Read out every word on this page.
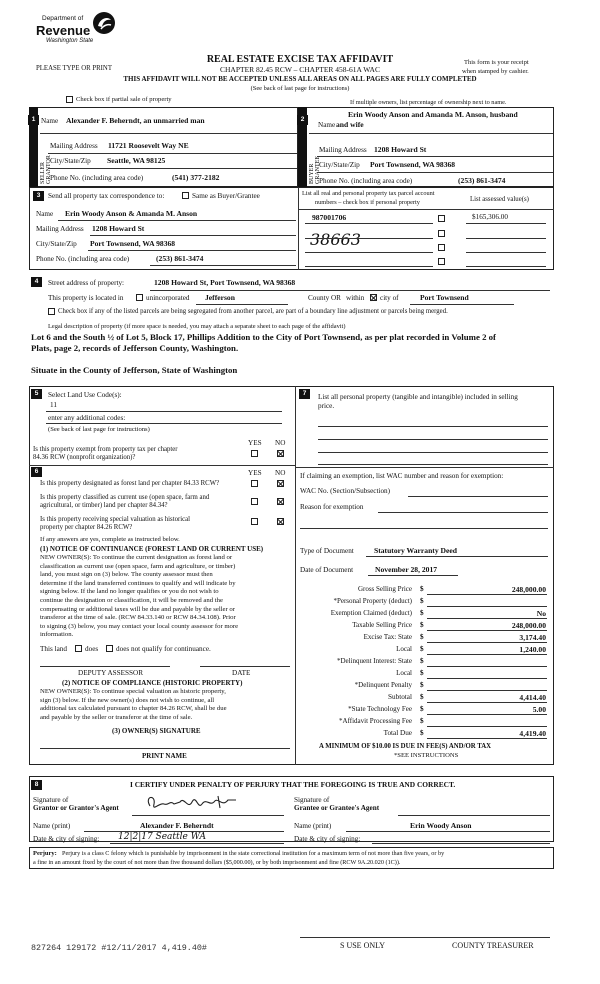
Department of
Revenue
Washington State
PLEASE TYPE OR PRINT
REAL ESTATE EXCISE TAX AFFIDAVIT
CHAPTER 82.45 RCW – CHAPTER 458-61A WAC
THIS AFFIDAVIT WILL NOT BE ACCEPTED UNLESS ALL AREAS ON ALL PAGES ARE FULLY COMPLETED
(See back of last page for instructions)
This form is your receipt
when stamped by cashier.
Check box if partial sale of property	If multiple owners, list percentage of ownership next to name.
1	2
SELLER GRANTOR	BUYER GRANTEE
Name Alexander F. Beherndt, an unmarried man
Mailing Address 11721 Roosevelt Way NE
City/State/Zip Seattle, WA 98125
Phone No. (including area code)	(541) 377-2182
Erin Woody Anson and Amanda M. Anson, husband
Name and wife
Mailing Address 1208 Howard St
City/State/Zip Port Townsend, WA 98368
Phone No. (including area code)	(253) 861-3474
3	Send all property tax correspondence to:	Same as Buyer/Grantee
Name Erin Woody Anson & Amanda M. Anson
Mailing Address 1208 Howard St
City/State/Zip Port Townsend, WA 98368
Phone No. (including area code)	(253) 861-3474
List all real and personal property tax parcel account
numbers – check box if personal property	List assessed value(s)
987001706	$165,306.00
38663
4	Street address of property:	1208 Howard St, Port Townsend, WA 98368
This property is located in	unincorporated Jefferson	County OR within city of	Port Townsend
Check box if any of the listed parcels are being segregated from another parcel, are part of a boundary line adjustment or parcels being merged.
Legal description of property (if more space is needed, you may attach a separate sheet to each page of the affidavit)
Lot 6 and the South ½ of Lot 5, Block 17, Phillips Addition to the City of Port Townsend, as per plat recorded in Volume 2 of
Plats, page 2, records of Jefferson County, Washington.
Situate in the County of Jefferson, State of Washington
5	Select Land Use Code(s):
11
enter any additional codes:
(See back of last page for instructions)
YES NO
Is this property exempt from property tax per chapter
84.36 RCW (nonprofit organization)?
6	YES NO
Is this property designated as forest land per chapter 84.33 RCW?
Is this property classified as current use (open space, farm and
agricultural, or timber) land per chapter 84.34?
Is this property receiving special valuation as historical
property per chapter 84.26 RCW?
If any answers are yes, complete as instructed below.
(1) NOTICE OF CONTINUANCE (FOREST LAND OR CURRENT USE)
NEW OWNER(S): To continue the current designation as forest land or
classification as current use (open space, farm and agriculture, or timber)
land, you must sign on (3) below. The county assessor must then
determine if the land transferred continues to qualify and will indicate by
signing below. If the land no longer qualifies or you do not wish to
continue the designation or classification, it will be removed and the
compensating or additional taxes will be due and payable by the seller or
transferor at the time of sale. (RCW 84.33.140 or RCW 84.34.108). Prior
to signing (3) below, you may contact your local county assessor for more
information.
This land	does does not qualify for continuance.
DEPUTY ASSESSOR	DATE
(2) NOTICE OF COMPLIANCE (HISTORIC PROPERTY)
NEW OWNER(S): To continue special valuation as historic property,
sign (3) below. If the new owner(s) does not wish to continue, all
additional tax calculated pursuant to chapter 84.26 RCW, shall be due
and payable by the seller or transferor at the time of sale.
(3) OWNER(S) SIGNATURE
PRINT NAME
7	List all personal property (tangible and intangible) included in selling
price.
If claiming an exemption, list WAC number and reason for exemption:
WAC No. (Section/Subsection)
Reason for exemption
Type of Document	Statutory Warranty Deed
Date of Document	November 28, 2017
Gross Selling Price $	248,000.00
*Personal Property (deduct) $
Exemption Claimed (deduct) $	No
Taxable Selling Price $	248,000.00
Excise Tax: State $	3,174.40
Local $	1,240.00
*Delinquent Interest: State $
Local $
*Delinquent Penalty $
Subtotal $	4,414.40
*State Technology Fee $	5.00
*Affidavit Processing Fee $
Total Due $	4,419.40
A MINIMUM OF $10.00 IS DUE IN FEE(S) AND/OR TAX
*SEE INSTRUCTIONS
8	I CERTIFY UNDER PENALTY OF PERJURY THAT THE FOREGOING IS TRUE AND CORRECT.
Signature of
Grantor or Grantor's Agent
Signature of
Grantee or Grantee's Agent
Name (print)	Alexander F. Beherndt	Name (print)	Erin Woody Anson
Date & city of signing: 12|2|17 Seattle WA	Date & city of signing:
Perjury: Perjury is a class C felony which is punishable by imprisonment in the state correctional institution for a maximum term of not more than five years, or by
a fine in an amount fixed by the court of not more than five thousand dollars ($5,000.00), or by both imprisonment and fine (RCW 9A.20.020 (1C)).
827264 129172 #12/11/2017 4,419.40#	S USE ONLY	COUNTY TREASURER
